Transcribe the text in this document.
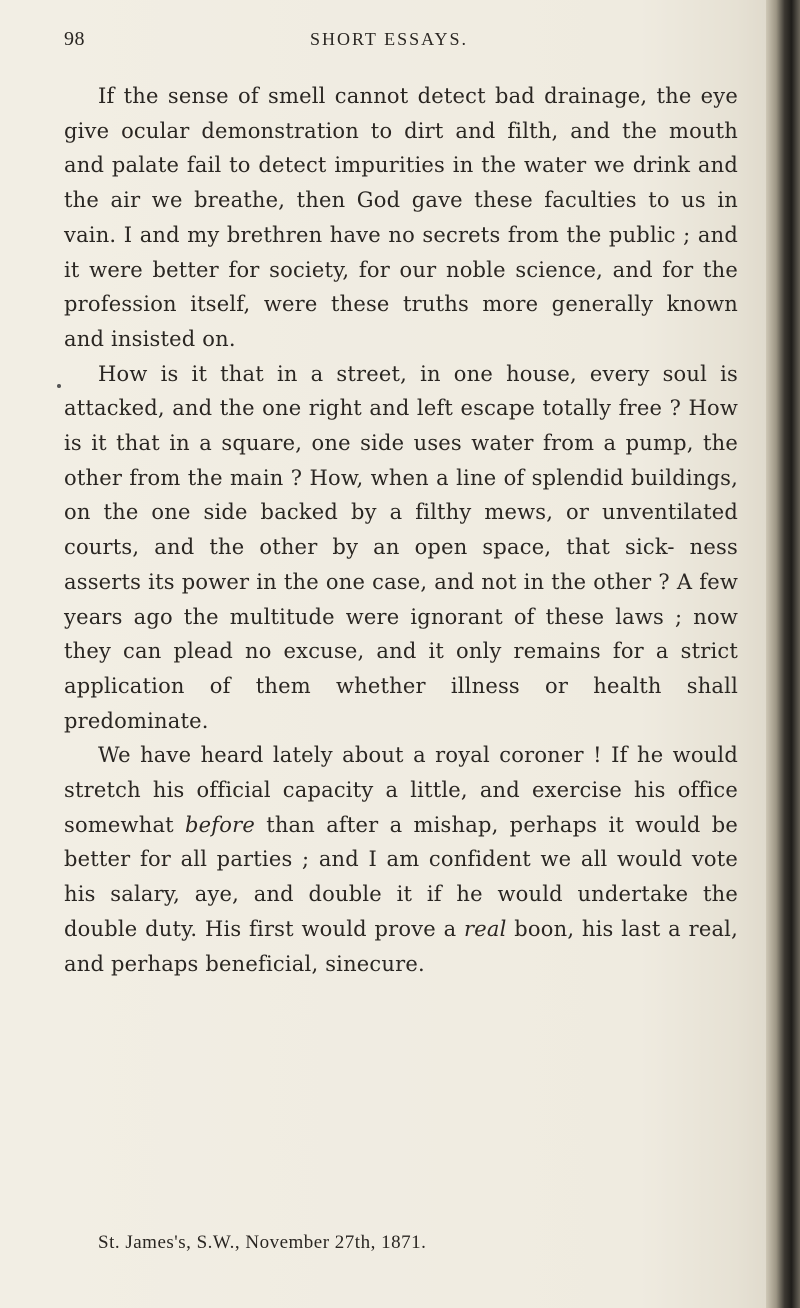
98	SHORT ESSAYS.

If the sense of smell cannot detect bad drainage, the eye give ocular demonstration to dirt and filth, and the mouth and palate fail to detect impurities in the water we drink and the air we breathe, then God gave these faculties to us in vain. I and my brethren have no secrets from the public ; and it were better for society, for our noble science, and for the profession itself, were these truths more generally known and insisted on.

How is it that in a street, in one house, every soul is attacked, and the one right and left escape totally free ? How is it that in a square, one side uses water from a pump, the other from the main ? How, when a line of splendid buildings, on the one side backed by a filthy mews, or unventilated courts, and the other by an open space, that sick- ness asserts its power in the one case, and not in the other ? A few years ago the multitude were ignorant of these laws ; now they can plead no excuse, and it only remains for a strict application of them whether illness or health shall predominate.

We have heard lately about a royal coroner ! If he would stretch his official capacity a little, and exercise his office somewhat before than after a mishap, perhaps it would be better for all parties ; and I am confident we all would vote his salary, aye, and double it if he would undertake the double duty. His first would prove a real boon, his last a real, and perhaps beneficial, sinecure.

St. James's, S.W., November 27th, 1871.
